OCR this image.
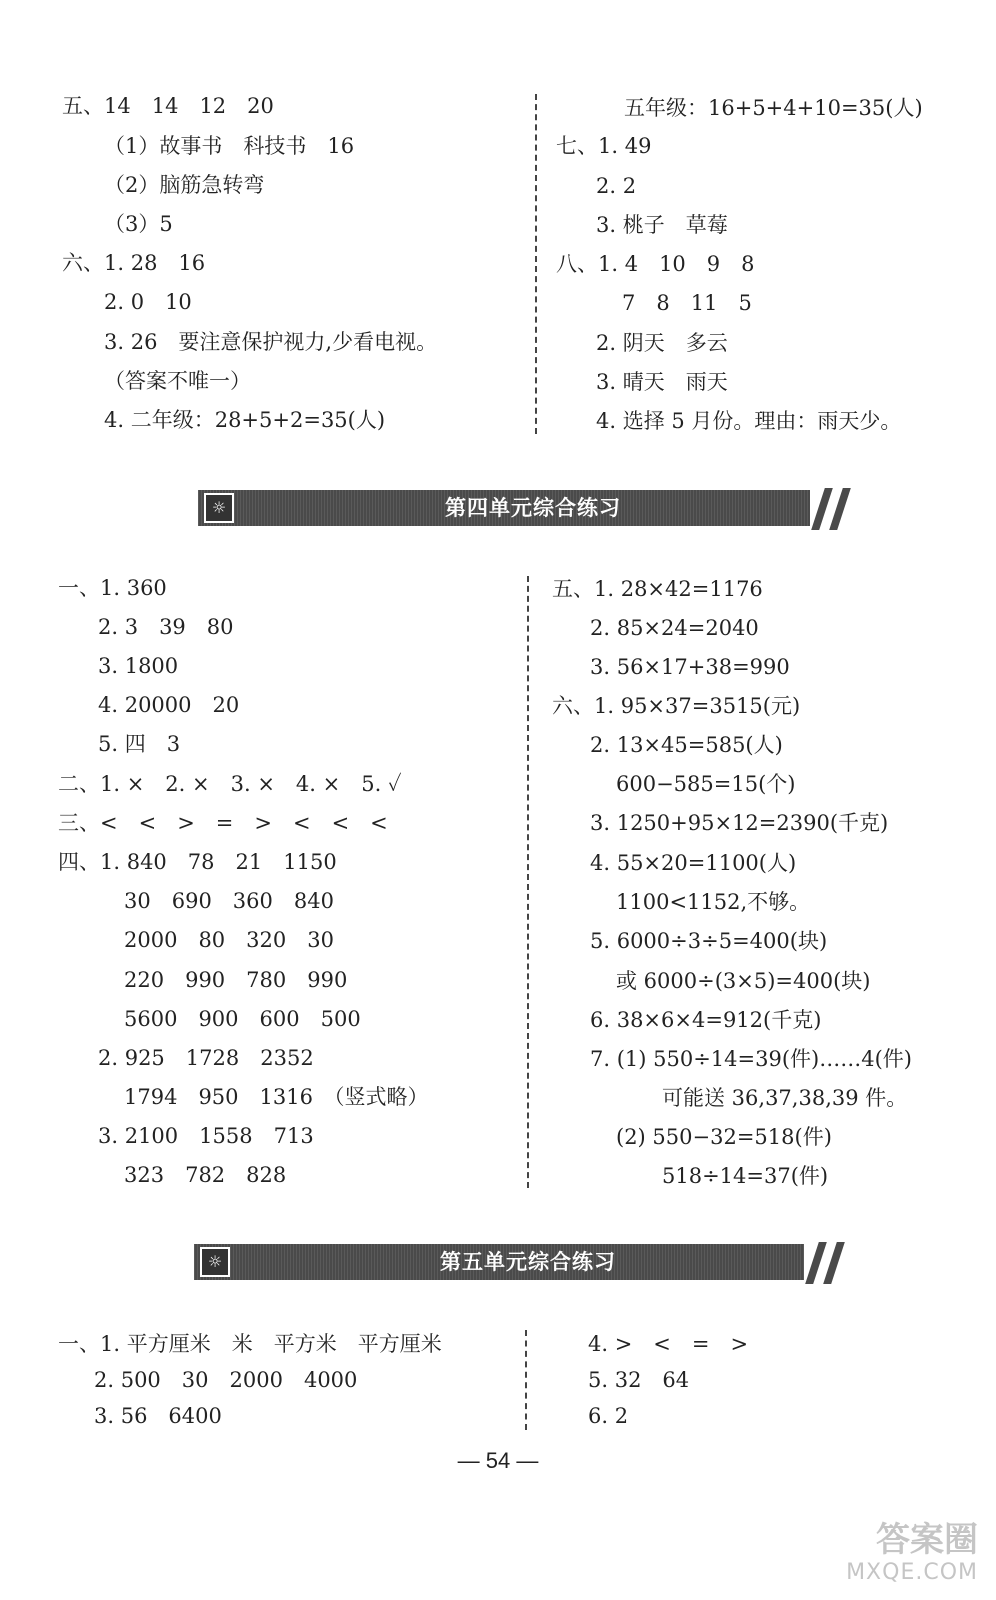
五、14　14　12　20
（1）故事书　科技书　16
（2）脑筋急转弯
（3）5
六、1. 28　16
2. 0　10
3. 26　要注意保护视力,少看电视。
（答案不唯一）
4. 二年级：28+5+2=35(人)
五年级：16+5+4+10=35(人)
七、1. 49
2. 2
3. 桃子　草莓
八、1. 4　10　9　8
7　8　11　5
2. 阴天　多云
3. 晴天　雨天
4. 选择 5 月份。理由：雨天少。
☼	第四单元综合练习
一、1. 360
2. 3　39　80
3. 1800
4. 20000　20
5. 四　3
二、1. ×　2. ×　3. ×　4. ×　5. ✓
三、<　<　>　=　>　<　<　<
四、1. 840　78　21　1150
30　690　360　840
2000　80　320　30
220　990　780　990
5600　900　600　500
2. 925　1728　2352
1794　950　1316　（竖式略）
3. 2100　1558　713
323　782　828
五、1. 28×42=1176
2. 85×24=2040
3. 56×17+38=990
六、1. 95×37=3515(元)
2. 13×45=585(人)
600−585=15(个)
3. 1250+95×12=2390(千克)
4. 55×20=1100(人)
1100<1152,不够。
5. 6000÷3÷5=400(块)
或 6000÷(3×5)=400(块)
6. 38×6×4=912(千克)
7. (1) 550÷14=39(件)……4(件)
可能送 36,37,38,39 件。
(2) 550−32=518(件)
518÷14=37(件)
☼	第五单元综合练习
一、1. 平方厘米　米　平方米　平方厘米
2. 500　30　2000　4000
3. 56　6400
4. >　<　=　>
5. 32　64
6. 2
— 54 —
答案圈
MXQE.COM
